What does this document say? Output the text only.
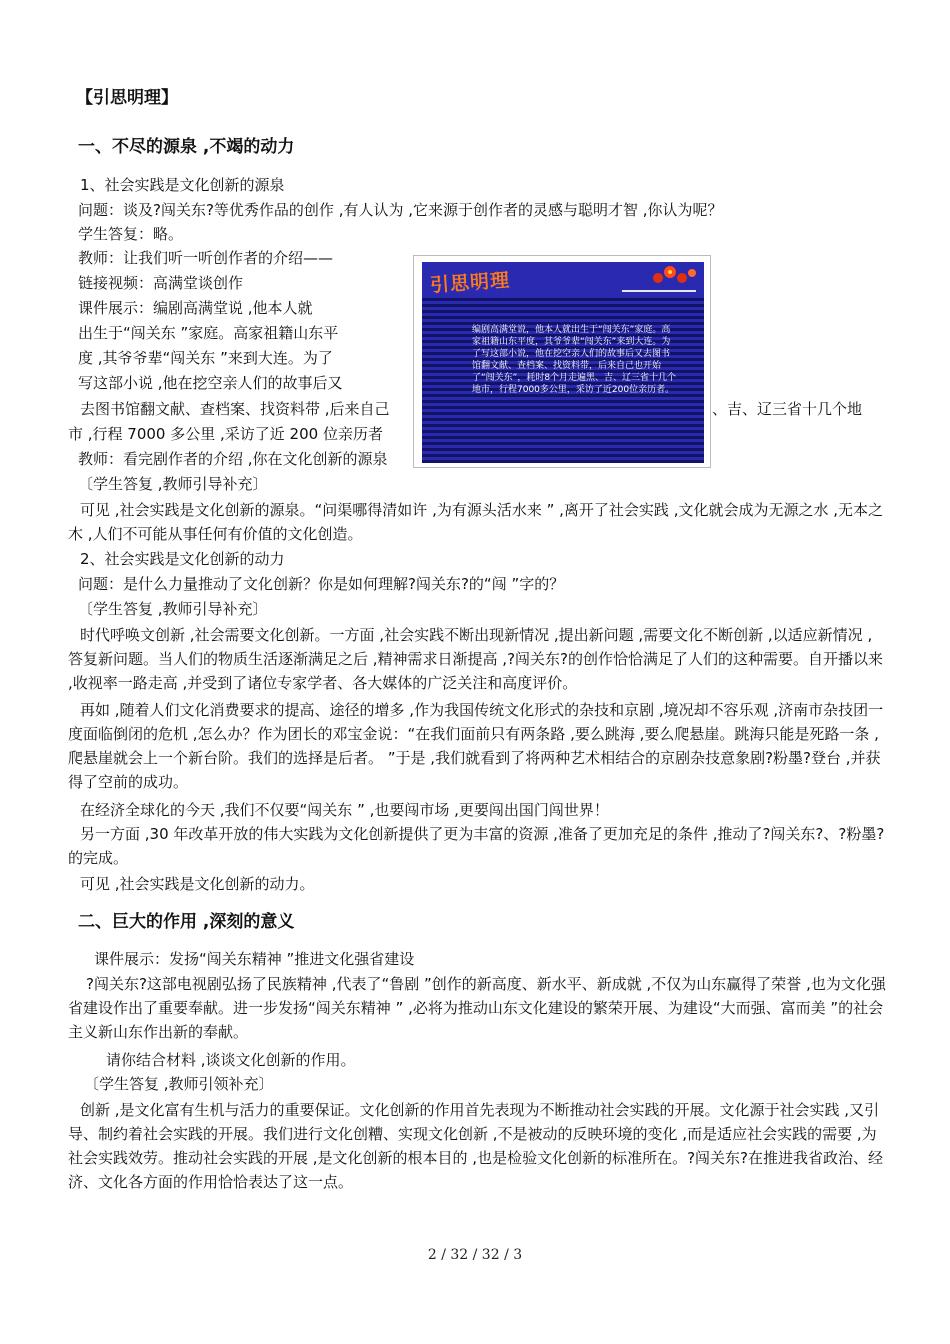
【引思明理】
一、不尽的源泉 ,不竭的动力
1、社会实践是文化创新的源泉
问题：谈及?闯关东?等优秀作品的创作 ,有人认为 ,它来源于创作者的灵感与聪明才智 ,你认为呢？
学生答复：略。
教师：让我们听一听创作者的介绍——
链接视频：高满堂谈创作
课件展示：编剧高满堂说 ,他本人就
出生于“闯关东 ”家庭。高家祖籍山东平
度 ,其爷爷辈“闯关东 ”来到大连。为了
写这部小说 ,他在挖空亲人们的故事后又
去图书馆翻文献、查档案、找资料带 ,后来自己	、吉、辽三省十几个地
市 ,行程 7000 多公里 ,采访了近 200 位亲历者
教师：看完剧作者的介绍 ,你在文化创新的源泉
〔学生答复 ,教师引导补充〕
可见 ,社会实践是文化创新的源泉。“问渠哪得清如许 ,为有源头活水来 ” ,离开了社会实践 ,文化就会成为无源之水 ,无本之木 ,人们不可能从事任何有价值的文化创造。
2、社会实践是文化创新的动力
问题：是什么力量推动了文化创新？你是如何理解?闯关东?的“闯 ”字的？
〔学生答复 ,教师引导补充〕
时代呼唤文创新 ,社会需要文化创新。一方面 ,社会实践不断出现新情况 ,提出新问题 ,需要文化不断创新 ,以适应新情况 ,答复新问题。当人们的物质生活逐渐满足之后 ,精神需求日渐提高 ,?闯关东?的创作恰恰满足了人们的这种需要。自开播以来 ,收视率一路走高 ,并受到了诸位专家学者、各大媒体的广泛关注和高度评价。
再如 ,随着人们文化消费要求的提高、途径的增多 ,作为我国传统文化形式的杂技和京剧 ,境况却不容乐观 ,济南市杂技团一度面临倒闭的危机 ,怎么办？作为团长的邓宝金说：“在我们面前只有两条路 ,要么跳海 ,要么爬悬崖。跳海只能是死路一条 ,爬悬崖就会上一个新台阶。我们的选择是后者。 ”于是 ,我们就看到了将两种艺术相结合的京剧杂技意象剧?粉墨?登台 ,并获得了空前的成功。
在经济全球化的今天 ,我们不仅要“闯关东 ” ,也要闯市场 ,更要闯出国门闯世界！
另一方面 ,30 年改革开放的伟大实践为文化创新提供了更为丰富的资源 ,准备了更加充足的条件 ,推动了?闯关东?、?粉墨?的完成。
可见 ,社会实践是文化创新的动力。
二、巨大的作用 ,深刻的意义
课件展示：发扬“闯关东精神 ”推进文化强省建设
?闯关东?这部电视剧弘扬了民族精神 ,代表了“鲁剧 ”创作的新高度、新水平、新成就 ,不仅为山东赢得了荣誉 ,也为文化强省建设作出了重要奉献。进一步发扬“闯关东精神 ” ,必将为推动山东文化建设的繁荣开展、为建设“大而强、富而美 ”的社会主义新山东作出新的奉献。
请你结合材料 ,谈谈文化创新的作用。
〔学生答复 ,教师引领补充〕
创新 ,是文化富有生机与活力的重要保证。文化创新的作用首先表现为不断推动社会实践的开展。文化源于社会实践 ,又引导、制约着社会实践的开展。我们进行文化创糟、实现文化创新 ,不是被动的反映环境的变化 ,而是适应社会实践的需要 ,为社会实践效劳。推动社会实践的开展 ,是文化创新的根本目的 ,也是检验文化创新的标准所在。?闯关东?在推进我省政治、经济、文化各方面的作用恰恰表达了这一点。
引思明理
编剧高满堂说，他本人就出生于“闯关东”家庭。高家祖籍山东平度，其爷爷辈“闯关东”来到大连。为了写这部小说，他在挖空亲人们的故事后又去图书馆翻文献、查档案、找资料带，后来自己也开始了“闯关东”，耗时8个月走遍黑、吉、辽三省十几个地市，行程7000多公里，采访了近200位亲历者。
2 / 32 / 32 / 3
